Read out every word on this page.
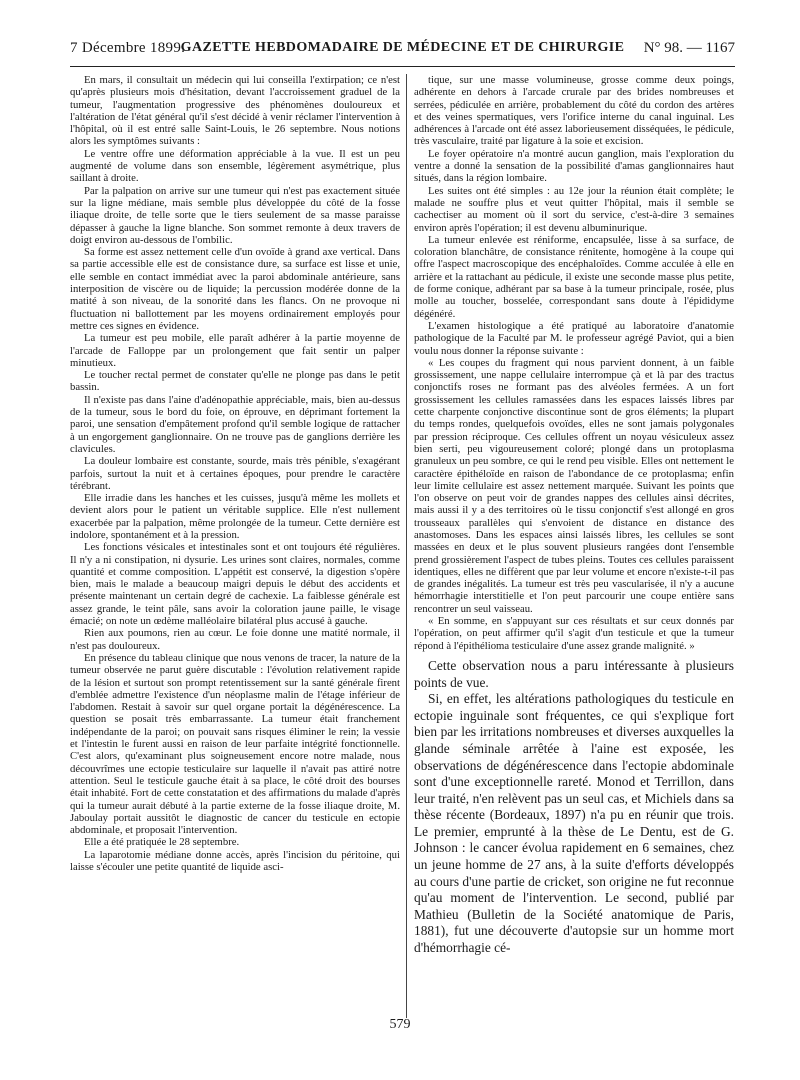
7 Décembre 1899.
GAZETTE HEBDOMADAIRE DE MÉDECINE ET DE CHIRURGIE	N° 98. — 1167

En mars, il consultait un médecin qui lui conseilla l'extirpation; ce n'est qu'après plusieurs mois d'hésitation, devant l'accroissement graduel de la tumeur, l'augmentation progressive des phénomènes douloureux et l'altération de l'état général qu'il s'est décidé à venir réclamer l'intervention à l'hôpital, où il est entré salle Saint-Louis, le 26 septembre. Nous notions alors les symptômes suivants :

Le ventre offre une déformation appréciable à la vue. Il est un peu augmenté de volume dans son ensemble, légèrement asymétrique, plus saillant à droite.

Par la palpation on arrive sur une tumeur qui n'est pas exactement située sur la ligne médiane, mais semble plus développée du côté de la fosse iliaque droite, de telle sorte que le tiers seulement de sa masse paraisse dépasser à gauche la ligne blanche. Son sommet remonte à deux travers de doigt environ au-dessous de l'ombilic.

Sa forme est assez nettement celle d'un ovoïde à grand axe vertical. Dans sa partie accessible elle est de consistance dure, sa surface est lisse et unie, elle semble en contact immédiat avec la paroi abdominale antérieure, sans interposition de viscère ou de liquide; la percussion modérée donne de la matité à son niveau, de la sonorité dans les flancs. On ne provoque ni fluctuation ni ballottement par les moyens ordinairement employés pour mettre ces signes en évidence.

La tumeur est peu mobile, elle paraît adhérer à la partie moyenne de l'arcade de Falloppe par un prolongement que fait sentir un palper minutieux.

Le toucher rectal permet de constater qu'elle ne plonge pas dans le petit bassin.

Il n'existe pas dans l'aine d'adénopathie appréciable, mais, bien au-dessus de la tumeur, sous le bord du foie, on éprouve, en déprimant fortement la paroi, une sensation d'empâtement profond qu'il semble logique de rattacher à un engorgement ganglionnaire. On ne trouve pas de ganglions derrière les clavicules.

La douleur lombaire est constante, sourde, mais très pénible, s'exagérant parfois, surtout la nuit et à certaines époques, pour prendre le caractère térébrant.

Elle irradie dans les hanches et les cuisses, jusqu'à même les mollets et devient alors pour le patient un véritable supplice. Elle n'est nullement exacerbée par la palpation, même prolongée de la tumeur. Cette dernière est indolore, spontanément et à la pression.

Les fonctions vésicales et intestinales sont et ont toujours été régulières. Il n'y a ni constipation, ni dysurie. Les urines sont claires, normales, comme quantité et comme composition. L'appétit est conservé, la digestion s'opère bien, mais le malade a beaucoup maigri depuis le début des accidents et présente maintenant un certain degré de cachexie. La faiblesse générale est assez grande, le teint pâle, sans avoir la coloration jaune paille, le visage émacié; on note un œdème malléolaire bilatéral plus accusé à gauche.

Rien aux poumons, rien au cœur. Le foie donne une matité normale, il n'est pas douloureux.

En présence du tableau clinique que nous venons de tracer, la nature de la tumeur observée ne parut guère discutable : l'évolution relativement rapide de la lésion et surtout son prompt retentissement sur la santé générale firent d'emblée admettre l'existence d'un néoplasme malin de l'étage inférieur de l'abdomen. Restait à savoir sur quel organe portait la dégénérescence. La question se posait très embarrassante. La tumeur était franchement indépendante de la paroi; on pouvait sans risques éliminer le rein; la vessie et l'intestin le furent aussi en raison de leur parfaite intégrité fonctionnelle. C'est alors, qu'examinant plus soigneusement encore notre malade, nous découvrîmes une ectopie testiculaire sur laquelle il n'avait pas attiré notre attention. Seul le testicule gauche était à sa place, le côté droit des bourses était inhabité. Fort de cette constatation et des affirmations du malade d'après qui la tumeur aurait débuté à la partie externe de la fosse iliaque droite, M. Jaboulay portait aussitôt le diagnostic de cancer du testicule en ectopie abdominale, et proposait l'intervention.

Elle a été pratiquée le 28 septembre.

La laparotomie médiane donne accès, après l'incision du péritoine, qui laisse s'écouler une petite quantité de liquide asci-

tique, sur une masse volumineuse, grosse comme deux poings, adhérente en dehors à l'arcade crurale par des brides nombreuses et serrées, pédiculée en arrière, probablement du côté du cordon des artères et des veines spermatiques, vers l'orifice interne du canal inguinal. Les adhérences à l'arcade ont été assez laborieusement disséquées, le pédicule, très vasculaire, traité par ligature à la soie et excision.

Le foyer opératoire n'a montré aucun ganglion, mais l'exploration du ventre a donné la sensation de la possibilité d'amas ganglionnaires haut situés, dans la région lombaire.

Les suites ont été simples : au 12e jour la réunion était complète; le malade ne souffre plus et veut quitter l'hôpital, mais il semble se cachectiser au moment où il sort du service, c'est-à-dire 3 semaines environ après l'opération; il est devenu albuminurique.

La tumeur enlevée est réniforme, encapsulée, lisse à sa surface, de coloration blanchâtre, de consistance rénitente, homogène à la coupe qui offre l'aspect macroscopique des encéphaloïdes. Comme acculée à elle en arrière et la rattachant au pédicule, il existe une seconde masse plus petite, de forme conique, adhérant par sa base à la tumeur principale, rosée, plus molle au toucher, bosselée, correspondant sans doute à l'épididyme dégénéré.

L'examen histologique a été pratiqué au laboratoire d'anatomie pathologique de la Faculté par M. le professeur agrégé Paviot, qui a bien voulu nous donner la réponse suivante :

« Les coupes du fragment qui nous parvient donnent, à un faible grossissement, une nappe cellulaire interrompue çà et là par des tractus conjonctifs roses ne formant pas des alvéoles fermées. A un fort grossissement les cellules ramassées dans les espaces laissés libres par cette charpente conjonctive discontinue sont de gros éléments; la plupart du temps rondes, quelquefois ovoïdes, elles ne sont jamais polygonales par pression réciproque. Ces cellules offrent un noyau vésiculeux assez bien serti, peu vigoureusement coloré; plongé dans un protoplasma granuleux un peu sombre, ce qui le rend peu visible. Elles ont nettement le caractère épithéloïde en raison de l'abondance de ce protoplasma; enfin leur limite cellulaire est assez nettement marquée. Suivant les points que l'on observe on peut voir de grandes nappes des cellules ainsi décrites, mais aussi il y a des territoires où le tissu conjonctif s'est allongé en gros trousseaux parallèles qui s'envoient de distance en distance des anastomoses. Dans les espaces ainsi laissés libres, les cellules se sont massées en deux et le plus souvent plusieurs rangées dont l'ensemble prend grossièrement l'aspect de tubes pleins. Toutes ces cellules paraissent identiques, elles ne diffèrent que par leur volume et encore n'existe-t-il pas de grandes inégalités. La tumeur est très peu vascularisée, il n'y a aucune hémorrhagie interstitielle et l'on peut parcourir une coupe entière sans rencontrer un seul vaisseau.

« En somme, en s'appuyant sur ces résultats et sur ceux donnés par l'opération, on peut affirmer qu'il s'agit d'un testicule et que la tumeur répond à l'épithélioma testiculaire d'une assez grande malignité. »

Cette observation nous a paru intéressante à plusieurs points de vue.

Si, en effet, les altérations pathologiques du testicule en ectopie inguinale sont fréquentes, ce qui s'explique fort bien par les irritations nombreuses et diverses auxquelles la glande séminale arrêtée à l'aine est exposée, les observations de dégénérescence dans l'ectopie abdominale sont d'une exceptionnelle rareté. Monod et Terrillon, dans leur traité, n'en relèvent pas un seul cas, et Michiels dans sa thèse récente (Bordeaux, 1897) n'a pu en réunir que trois. Le premier, emprunté à la thèse de Le Dentu, est de G. Johnson : le cancer évolua rapidement en 6 semaines, chez un jeune homme de 27 ans, à la suite d'efforts développés au cours d'une partie de cricket, son origine ne fut reconnue qu'au moment de l'intervention. Le second, publié par Mathieu (Bulletin de la Société anatomique de Paris, 1881), fut une découverte d'autopsie sur un homme mort d'hémorrhagie cé-

579
